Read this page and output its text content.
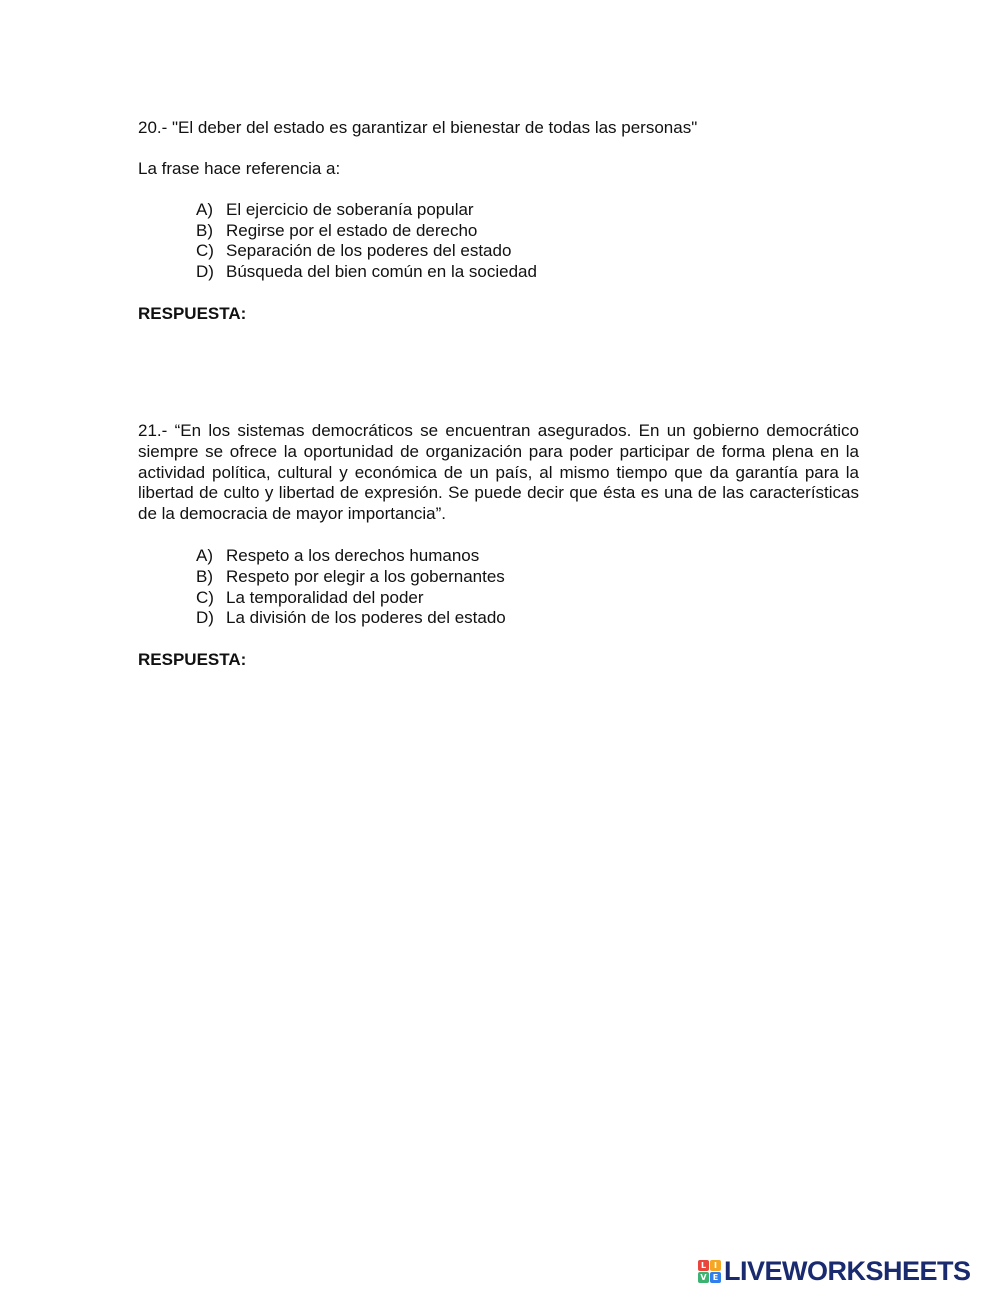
20.- "El deber del estado es garantizar el bienestar de todas las personas"
La frase hace referencia a:
A) El ejercicio de soberanía popular
B) Regirse por el estado de derecho
C) Separación de los poderes del estado
D) Búsqueda del bien común en la sociedad
RESPUESTA:
21.- “En los sistemas democráticos se encuentran asegurados. En un gobierno democrático siempre se ofrece la oportunidad de organización para poder participar de forma plena en la actividad política, cultural y económica de un país, al mismo tiempo que da garantía para la libertad de culto y libertad de expresión. Se puede decir que ésta es una de las características de la democracia de mayor importancia”.
A) Respeto a los derechos humanos
B) Respeto por elegir a los gobernantes
C) La temporalidad del poder
D) La división de los poderes del estado
RESPUESTA:
L I
V E LIVEWORKSHEETS
